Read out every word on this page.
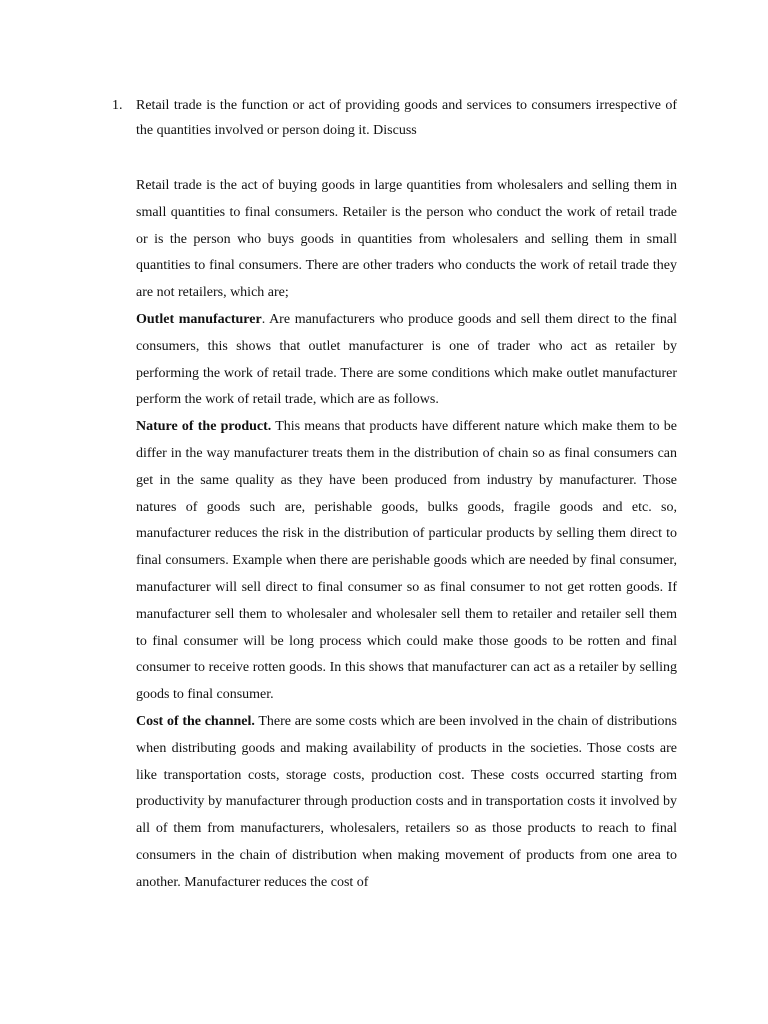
1. Retail trade is the function or act of providing goods and services to consumers irrespective of the quantities involved or person doing it. Discuss

Retail trade is the act of buying goods in large quantities from wholesalers and selling them in small quantities to final consumers. Retailer is the person who conduct the work of retail trade or is the person who buys goods in quantities from wholesalers and selling them in small quantities to final consumers. There are other traders who conducts the work of retail trade they are not retailers, which are;

Outlet manufacturer. Are manufacturers who produce goods and sell them direct to the final consumers, this shows that outlet manufacturer is one of trader who act as retailer by performing the work of retail trade. There are some conditions which make outlet manufacturer perform the work of retail trade, which are as follows.

Nature of the product. This means that products have different nature which make them to be differ in the way manufacturer treats them in the distribution of chain so as final consumers can get in the same quality as they have been produced from industry by manufacturer. Those natures of goods such are, perishable goods, bulks goods, fragile goods and etc. so, manufacturer reduces the risk in the distribution of particular products by selling them direct to final consumers. Example when there are perishable goods which are needed by final consumer, manufacturer will sell direct to final consumer so as final consumer to not get rotten goods. If manufacturer sell them to wholesaler and wholesaler sell them to retailer and retailer sell them to final consumer will be long process which could make those goods to be rotten and final consumer to receive rotten goods. In this shows that manufacturer can act as a retailer by selling goods to final consumer.

Cost of the channel. There are some costs which are been involved in the chain of distributions when distributing goods and making availability of products in the societies. Those costs are like transportation costs, storage costs, production cost. These costs occurred starting from productivity by manufacturer through production costs and in transportation costs it involved by all of them from manufacturers, wholesalers, retailers so as those products to reach to final consumers in the chain of distribution when making movement of products from one area to another. Manufacturer reduces the cost of
